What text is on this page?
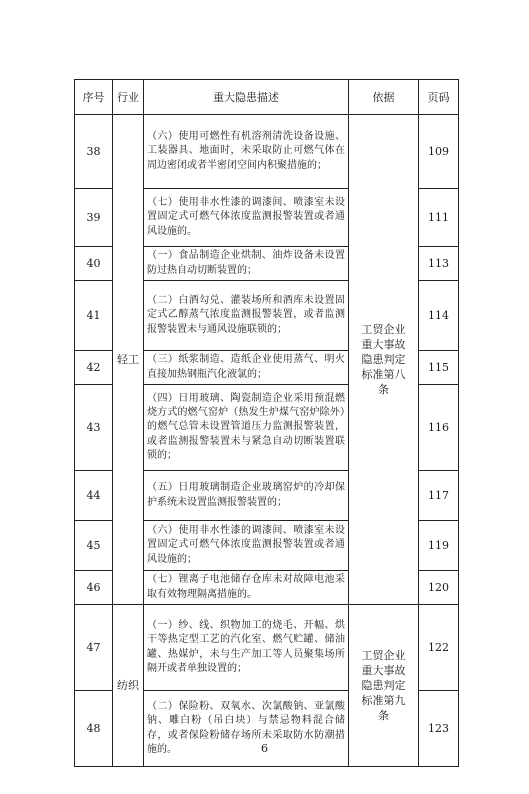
序号	行业	重大隐患描述	依据	页码
38	轻工	（六）使用可燃性有机溶剂清洗设备设施、工装器具、地面时，未采取防止可燃气体在周边密闭或者半密闭空间内积聚措施的；	工贸企业重大事故隐患判定标准第八条	109
39		（七）使用非水性漆的调漆间、喷漆室未设置固定式可燃气体浓度监测报警装置或者通风设施的。		111
40		（一）食品制造企业烘制、油炸设备未设置防过热自动切断装置的；		113
41		（二）白酒勾兑、灌装场所和酒库未设置固定式乙醇蒸气浓度监测报警装置，或者监测报警装置未与通风设施联锁的；		114
42		（三）纸浆制造、造纸企业使用蒸气、明火直接加热钢瓶汽化液氯的；		115
43		（四）日用玻璃、陶瓷制造企业采用预混燃烧方式的燃气窑炉（热发生炉煤气窑炉除外）的燃气总管未设置管道压力监测报警装置，或者监测报警装置未与紧急自动切断装置联锁的；		116
44		（五）日用玻璃制造企业玻璃窑炉的冷却保护系统未设置监测报警装置的；		117
45		（六）使用非水性漆的调漆间、喷漆室未设置固定式可燃气体浓度监测报警装置或者通风设施的；		119
46		（七）锂离子电池储存仓库未对故障电池采取有效物理隔离措施的。		120
47	纺织	（一）纱、线、织物加工的烧毛、开幅、烘干等热定型工艺的汽化室、燃气贮罐、储油罐、热媒炉，未与生产加工等人员聚集场所隔开或者单独设置的；	工贸企业重大事故隐患判定标准第九条	122
48		（二）保险粉、双氧水、次氯酸钠、亚氯酸钠、雕白粉（吊白块）与禁忌物料混合储存，或者保险粉储存场所未采取防水防潮措施的。		123
6
